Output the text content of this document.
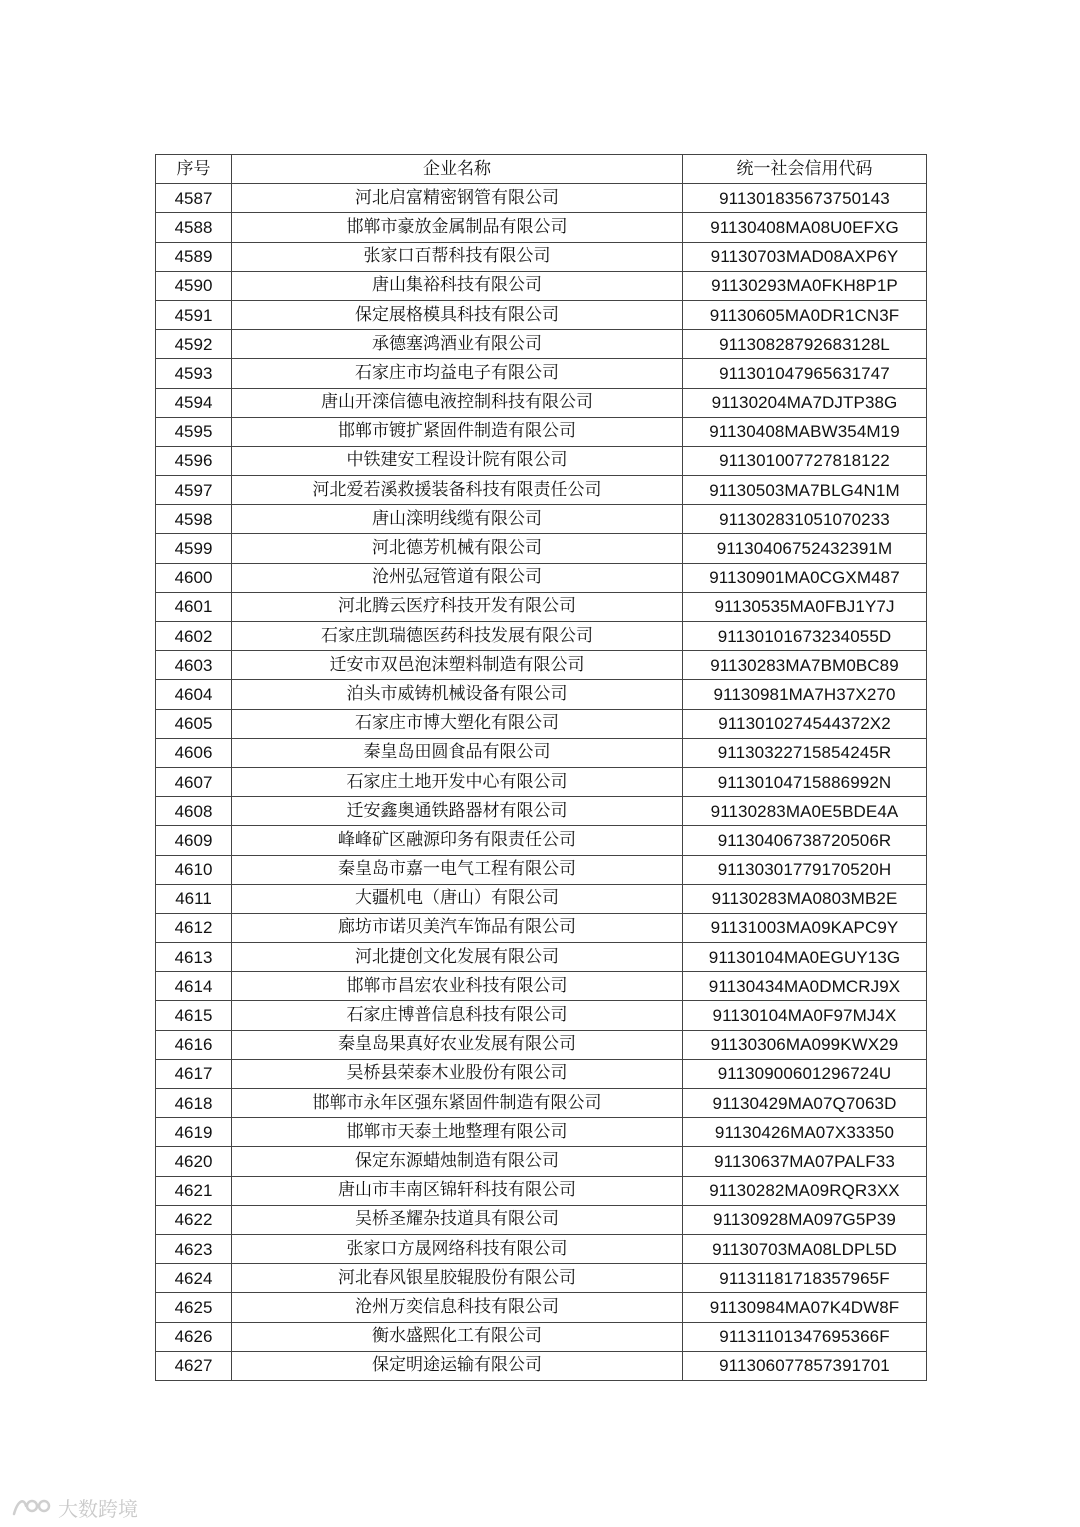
序号	企业名称	统一社会信用代码
4587	河北启富精密钢管有限公司	911301835673750143
4588	邯郸市豪放金属制品有限公司	91130408MA08U0EFXG
4589	张家口百帮科技有限公司	91130703MAD08AXP6Y
4590	唐山集裕科技有限公司	91130293MA0FKH8P1P
4591	保定展格模具科技有限公司	91130605MA0DR1CN3F
4592	承德塞鸿酒业有限公司	91130828792683128L
4593	石家庄市均益电子有限公司	911301047965631747
4594	唐山开滦信德电液控制科技有限公司	91130204MA7DJTP38G
4595	邯郸市镀扩紧固件制造有限公司	91130408MABW354M19
4596	中铁建安工程设计院有限公司	911301007727818122
4597	河北爱若溪救援装备科技有限责任公司	91130503MA7BLG4N1M
4598	唐山滦明线缆有限公司	911302831051070233
4599	河北德芳机械有限公司	91130406752432391M
4600	沧州弘冠管道有限公司	91130901MA0CGXM487
4601	河北腾云医疗科技开发有限公司	91130535MA0FBJ1Y7J
4602	石家庄凯瑞德医药科技发展有限公司	91130101673234055D
4603	迁安市双邑泡沫塑料制造有限公司	91130283MA7BM0BC89
4604	泊头市威铸机械设备有限公司	91130981MA7H37X270
4605	石家庄市博大塑化有限公司	9113010274544372X2
4606	秦皇岛田圆食品有限公司	91130322715854245R
4607	石家庄土地开发中心有限公司	91130104715886992N
4608	迁安鑫奥通铁路器材有限公司	91130283MA0E5BDE4A
4609	峰峰矿区融源印务有限责任公司	91130406738720506R
4610	秦皇岛市嘉一电气工程有限公司	91130301779170520H
4611	大疆机电（唐山）有限公司	91130283MA0803MB2E
4612	廊坊市诺贝美汽车饰品有限公司	91131003MA09KAPC9Y
4613	河北捷创文化发展有限公司	91130104MA0EGUY13G
4614	邯郸市昌宏农业科技有限公司	91130434MA0DMCRJ9X
4615	石家庄博普信息科技有限公司	91130104MA0F97MJ4X
4616	秦皇岛果真好农业发展有限公司	91130306MA099KWX29
4617	吴桥县荣泰木业股份有限公司	91130900601296724U
4618	邯郸市永年区强东紧固件制造有限公司	91130429MA07Q7063D
4619	邯郸市天泰土地整理有限公司	91130426MA07X33350
4620	保定东源蜡烛制造有限公司	91130637MA07PALF33
4621	唐山市丰南区锦轩科技有限公司	91130282MA09RQR3XX
4622	吴桥圣耀杂技道具有限公司	91130928MA097G5P39
4623	张家口方晟网络科技有限公司	91130703MA08LDPL5D
4624	河北春风银星胶辊股份有限公司	91131181718357965F
4625	沧州万奕信息科技有限公司	91130984MA07K4DW8F
4626	衡水盛熙化工有限公司	91131101347695366F
4627	保定明途运输有限公司	911306077857391701
大数跨境
